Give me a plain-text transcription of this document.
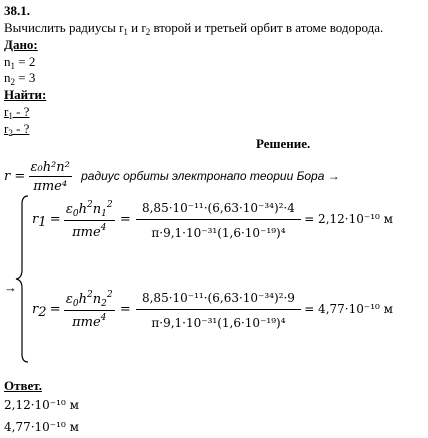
38.1.
Вычислить радиусы $r_1$ и $r_2$ второй и третьей орбит в атоме водорода.
Дано:
$n_1 = 2$
$n_2 = 3$
Найти:
$r_1$ - ?
$r_2$ - ?
Решение.
$r = \frac{\text{ε₀h²n²}}{\text{πme⁴}}$ радиус орбиты электронапо теории Бора →
→
$r1 = \frac{\varepsilon_0h^2n_1^2}{\pi me^4} = \frac{\text{8,85·10⁻¹¹·(6,63·10⁻³⁴)²·4}}{\text{π·9,1·10⁻³¹(1,6·10⁻¹⁹)⁴}} = 2,12\cdot 10^{-10}$ м
$r2 = \frac{\varepsilon_0h^2n_2^2}{\pi me^4} = \frac{\text{8,85·10⁻¹¹·(6,63·10⁻³⁴)²·9}}{\text{π·9,1·10⁻³¹(1,6·10⁻¹⁹)⁴}} = 4,77\cdot 10^{-10}$ м
Ответ.
2,12·10⁻¹⁰ м
4,77·10⁻¹⁰ м
